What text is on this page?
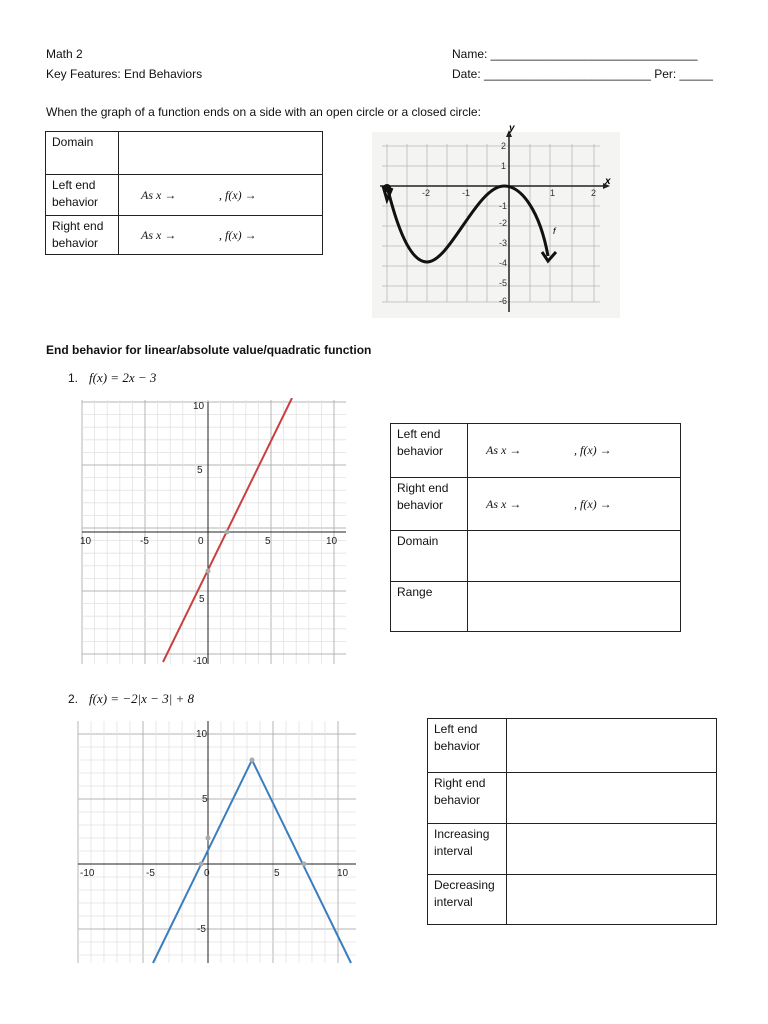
Math 2
Key Features: End Behaviors
Name: _______________________________
Date: _________________________ Per: _____
When the graph of a function ends on a side with an open circle or a closed circle:
Domain	
Left end
behavior	As x → , f(x) →
Right end
behavior	As x → , f(x) →
y
x
-2	-1	1	2
2
1
-1
-2
-3
-4
-5
-6
f
End behavior for linear/absolute value/quadratic function
1. f(x) = 2x − 3
10	-5	0	5	10
10
5
5
-10
Left end
behavior	As x → , f(x) →
Right end
behavior	As x → , f(x) →
Domain	
Range	
2. f(x) = −2|x − 3| + 8
-10	-5	0	5	10
10
5
-5
Left end
behavior	
Right end
behavior	
Increasing
interval	
Decreasing
interval	
